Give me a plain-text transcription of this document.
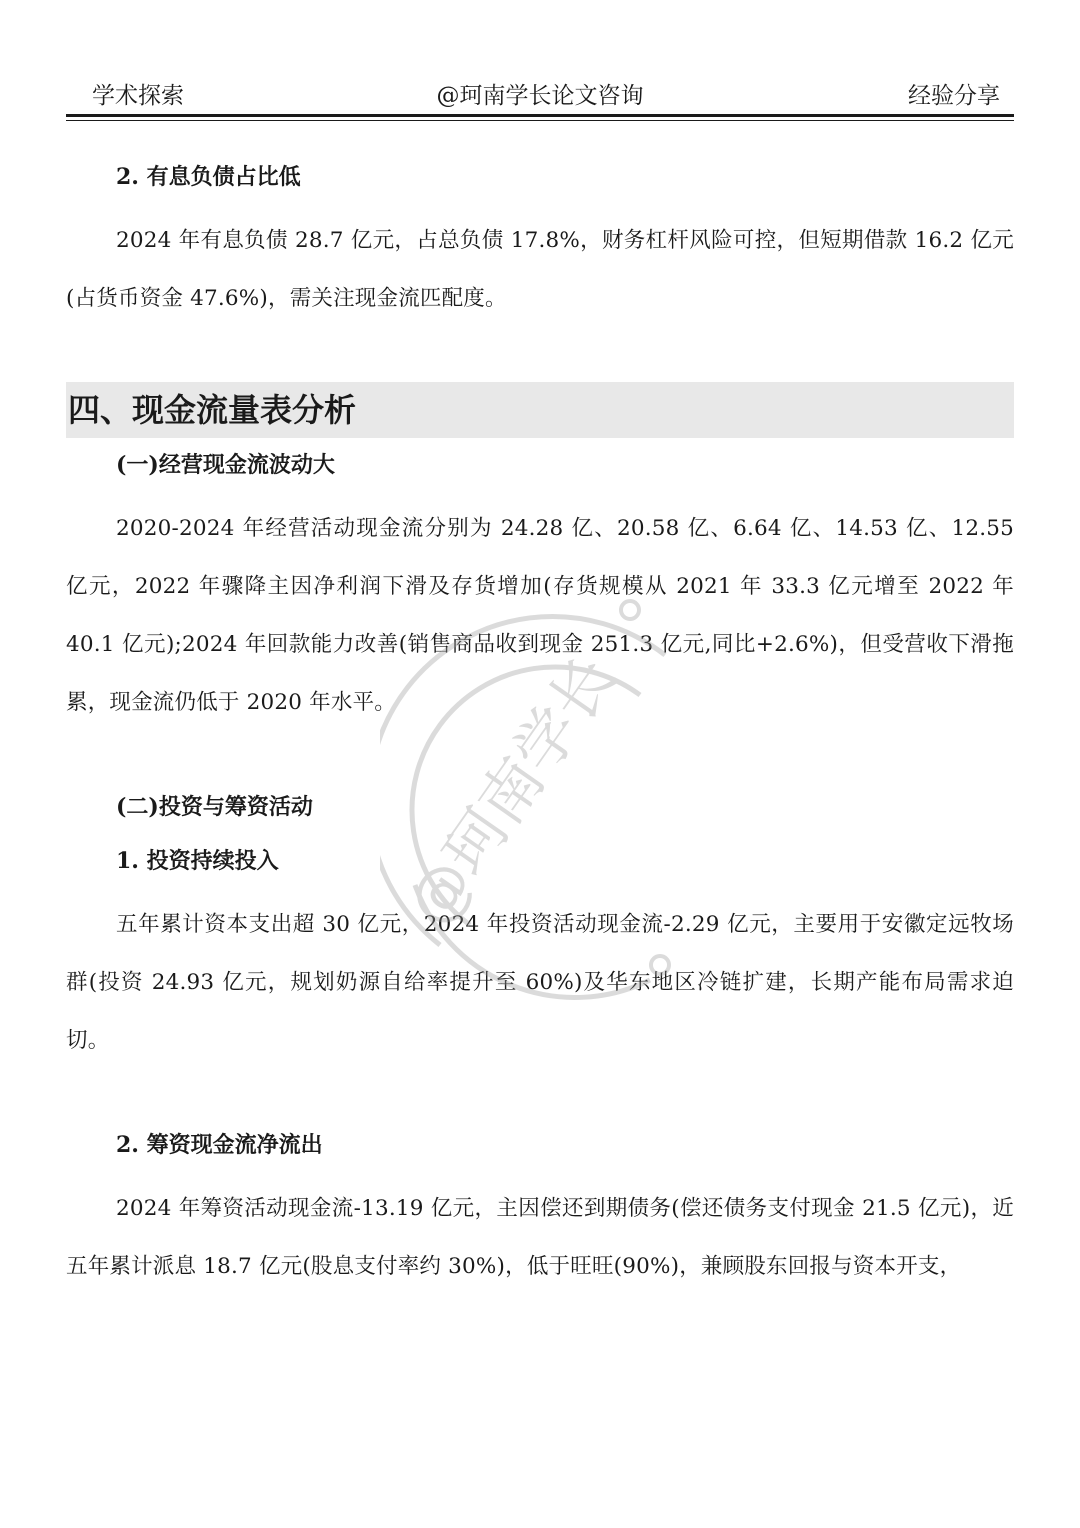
学术探索	@珂南学长论文咨询	经验分享

2. 有息负债占比低

2024 年有息负债 28.7 亿元，占总负债 17.8%，财务杠杆风险可控，但短期借款 16.2 亿元(占货币资金 47.6%)，需关注现金流匹配度。

四、现金流量表分析

(一)经营现金流波动大

2020-2024 年经营活动现金流分别为 24.28 亿、20.58 亿、6.64 亿、14.53 亿、12.55 亿元，2022 年骤降主因净利润下滑及存货增加(存货规模从 2021 年 33.3 亿元增至 2022 年 40.1 亿元);2024 年回款能力改善(销售商品收到现金 251.3 亿元,同比+2.6%)，但受营收下滑拖累，现金流仍低于 2020 年水平。

(二)投资与筹资活动

1. 投资持续投入

五年累计资本支出超 30 亿元，2024 年投资活动现金流-2.29 亿元，主要用于安徽定远牧场群(投资 24.93 亿元，规划奶源自给率提升至 60%)及华东地区冷链扩建，长期产能布局需求迫切。

2. 筹资现金流净流出

2024 年筹资活动现金流-13.19 亿元，主因偿还到期债务(偿还债务支付现金 21.5 亿元)，近五年累计派息 18.7 亿元(股息支付率约 30%)，低于旺旺(90%)，兼顾股东回报与资本开支，

@珂南学长
